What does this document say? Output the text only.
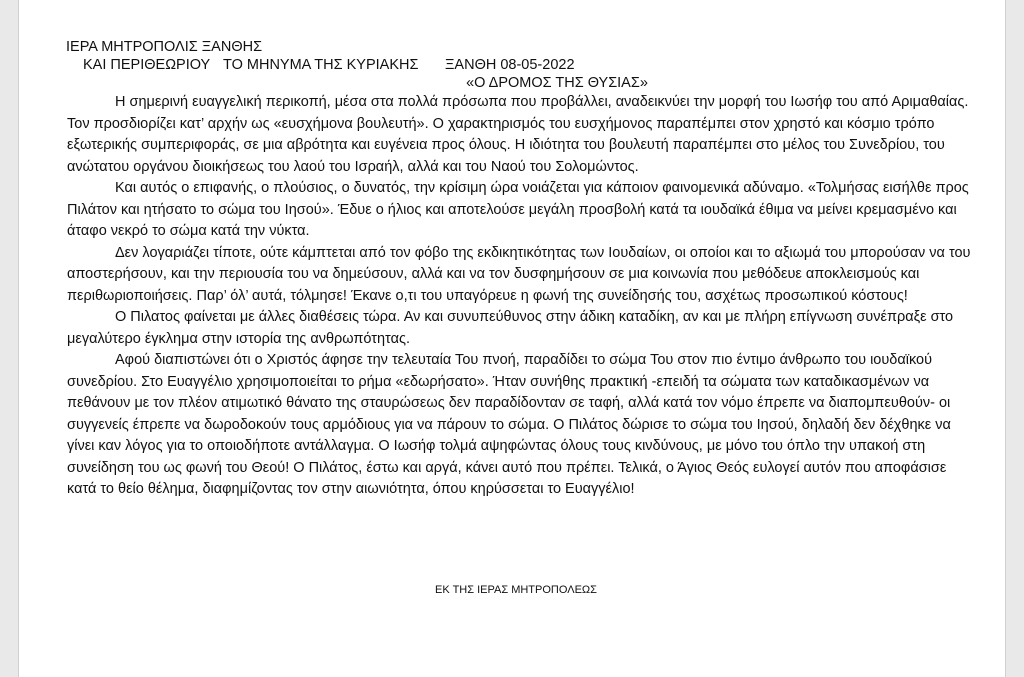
ΙΕΡΑ ΜΗΤΡΟΠΟΛΙΣ ΞΑΝΘΗΣ
ΚΑΙ ΠΕΡΙΘΕΩΡΙΟΥ ΤΟ ΜΗΝΥΜΑ ΤΗΣ ΚΥΡΙΑΚΗΣ ΞΑΝΘΗ 08-05-2022
«Ο ΔΡΟΜΟΣ ΤΗΣ ΘΥΣΙΑΣ»

Η σημερινή ευαγγελική περικοπή, μέσα στα πολλά πρόσωπα που προβάλλει, αναδεικνύει την μορφή του Ιωσήφ του από Αριμαθαίας. Τον προσδιορίζει κατ’ αρχήν ως «ευσχήμονα βουλευτή». Ο χαρακτηρισμός του ευσχήμονος παραπέμπει στον χρηστό και κόσμιο τρόπο εξωτερικής συμπεριφοράς, σε μια αβρότητα και ευγένεια προς όλους. Η ιδιότητα του βουλευτή παραπέμπει στο μέλος του Συνεδρίου, του ανώτατου οργάνου διοικήσεως του λαού του Ισραήλ, αλλά και του Ναού του Σολομώντος.

Και αυτός ο επιφανής, ο πλούσιος, ο δυνατός, την κρίσιμη ώρα νοιάζεται για κάποιον φαινομενικά αδύναμο. «Τολμήσας εισήλθε προς Πιλάτον και ητήσατο το σώμα του Ιησού». Έδυε ο ήλιος και αποτελούσε μεγάλη προσβολή κατά τα ιουδαϊκά έθιμα να μείνει κρεμασμένο και άταφο νεκρό το σώμα κατά την νύκτα.

Δεν λογαριάζει τίποτε, ούτε κάμπτεται από τον φόβο της εκδικητικότητας των Ιουδαίων, οι οποίοι και το αξιωμά του μπορούσαν να του αποστερήσουν, και την περιουσία του να δημεύσουν, αλλά και να τον δυσφημήσουν σε μια κοινωνία που μεθόδευε αποκλεισμούς και περιθωριοποιήσεις. Παρ’ όλ’ αυτά, τόλμησε! Έκανε ο,τι του υπαγόρευε η φωνή της συνείδησής του, ασχέτως προσωπικού κόστους!

Ο Πιλατος φαίνεται με άλλες διαθέσεις τώρα. Αν και συνυπεύθυνος στην άδικη καταδίκη, αν και με πλήρη επίγνωση συνέπραξε στο μεγαλύτερο έγκλημα στην ιστορία της ανθρωπότητας.

Αφού διαπιστώνει ότι ο Χριστός άφησε την τελευταία Του πνοή, παραδίδει το σώμα Του στον πιο έντιμο άνθρωπο του ιουδαϊκού συνεδρίου. Στο Ευαγγέλιο χρησιμοποιείται το ρήμα «εδωρήσατο». Ήταν συνήθης πρακτική -επειδή τα σώματα των καταδικασμένων να πεθάνουν με τον πλέον ατιμωτικό θάνατο της σταυρώσεως δεν παραδίδονταν σε ταφή, αλλά κατά τον νόμο έπρεπε να διαπομπευθούν- οι συγγενείς έπρεπε να δωροδοκούν τους αρμόδιους για να πάρουν το σώμα. Ο Πιλάτος δώρισε το σώμα του Ιησού, δηλαδή δεν δέχθηκε να γίνει καν λόγος για το οποιοδήποτε αντάλλαγμα. Ο Ιωσήφ τολμά αψηφώντας όλους τους κινδύνους, με μόνο του όπλο την υπακοή στη συνείδηση του ως φωνή του Θεού! Ο Πιλάτος, έστω και αργά, κάνει αυτό που πρέπει. Τελικά, ο Άγιος Θεός ευλογεί αυτόν που αποφάσισε κατά το θείο θέλημα, διαφημίζοντας τον στην αιωνιότητα, όπου κηρύσσεται το Ευαγγέλιο!

ΕΚ ΤΗΣ ΙΕΡΑΣ ΜΗΤΡΟΠΟΛΕΩΣ
